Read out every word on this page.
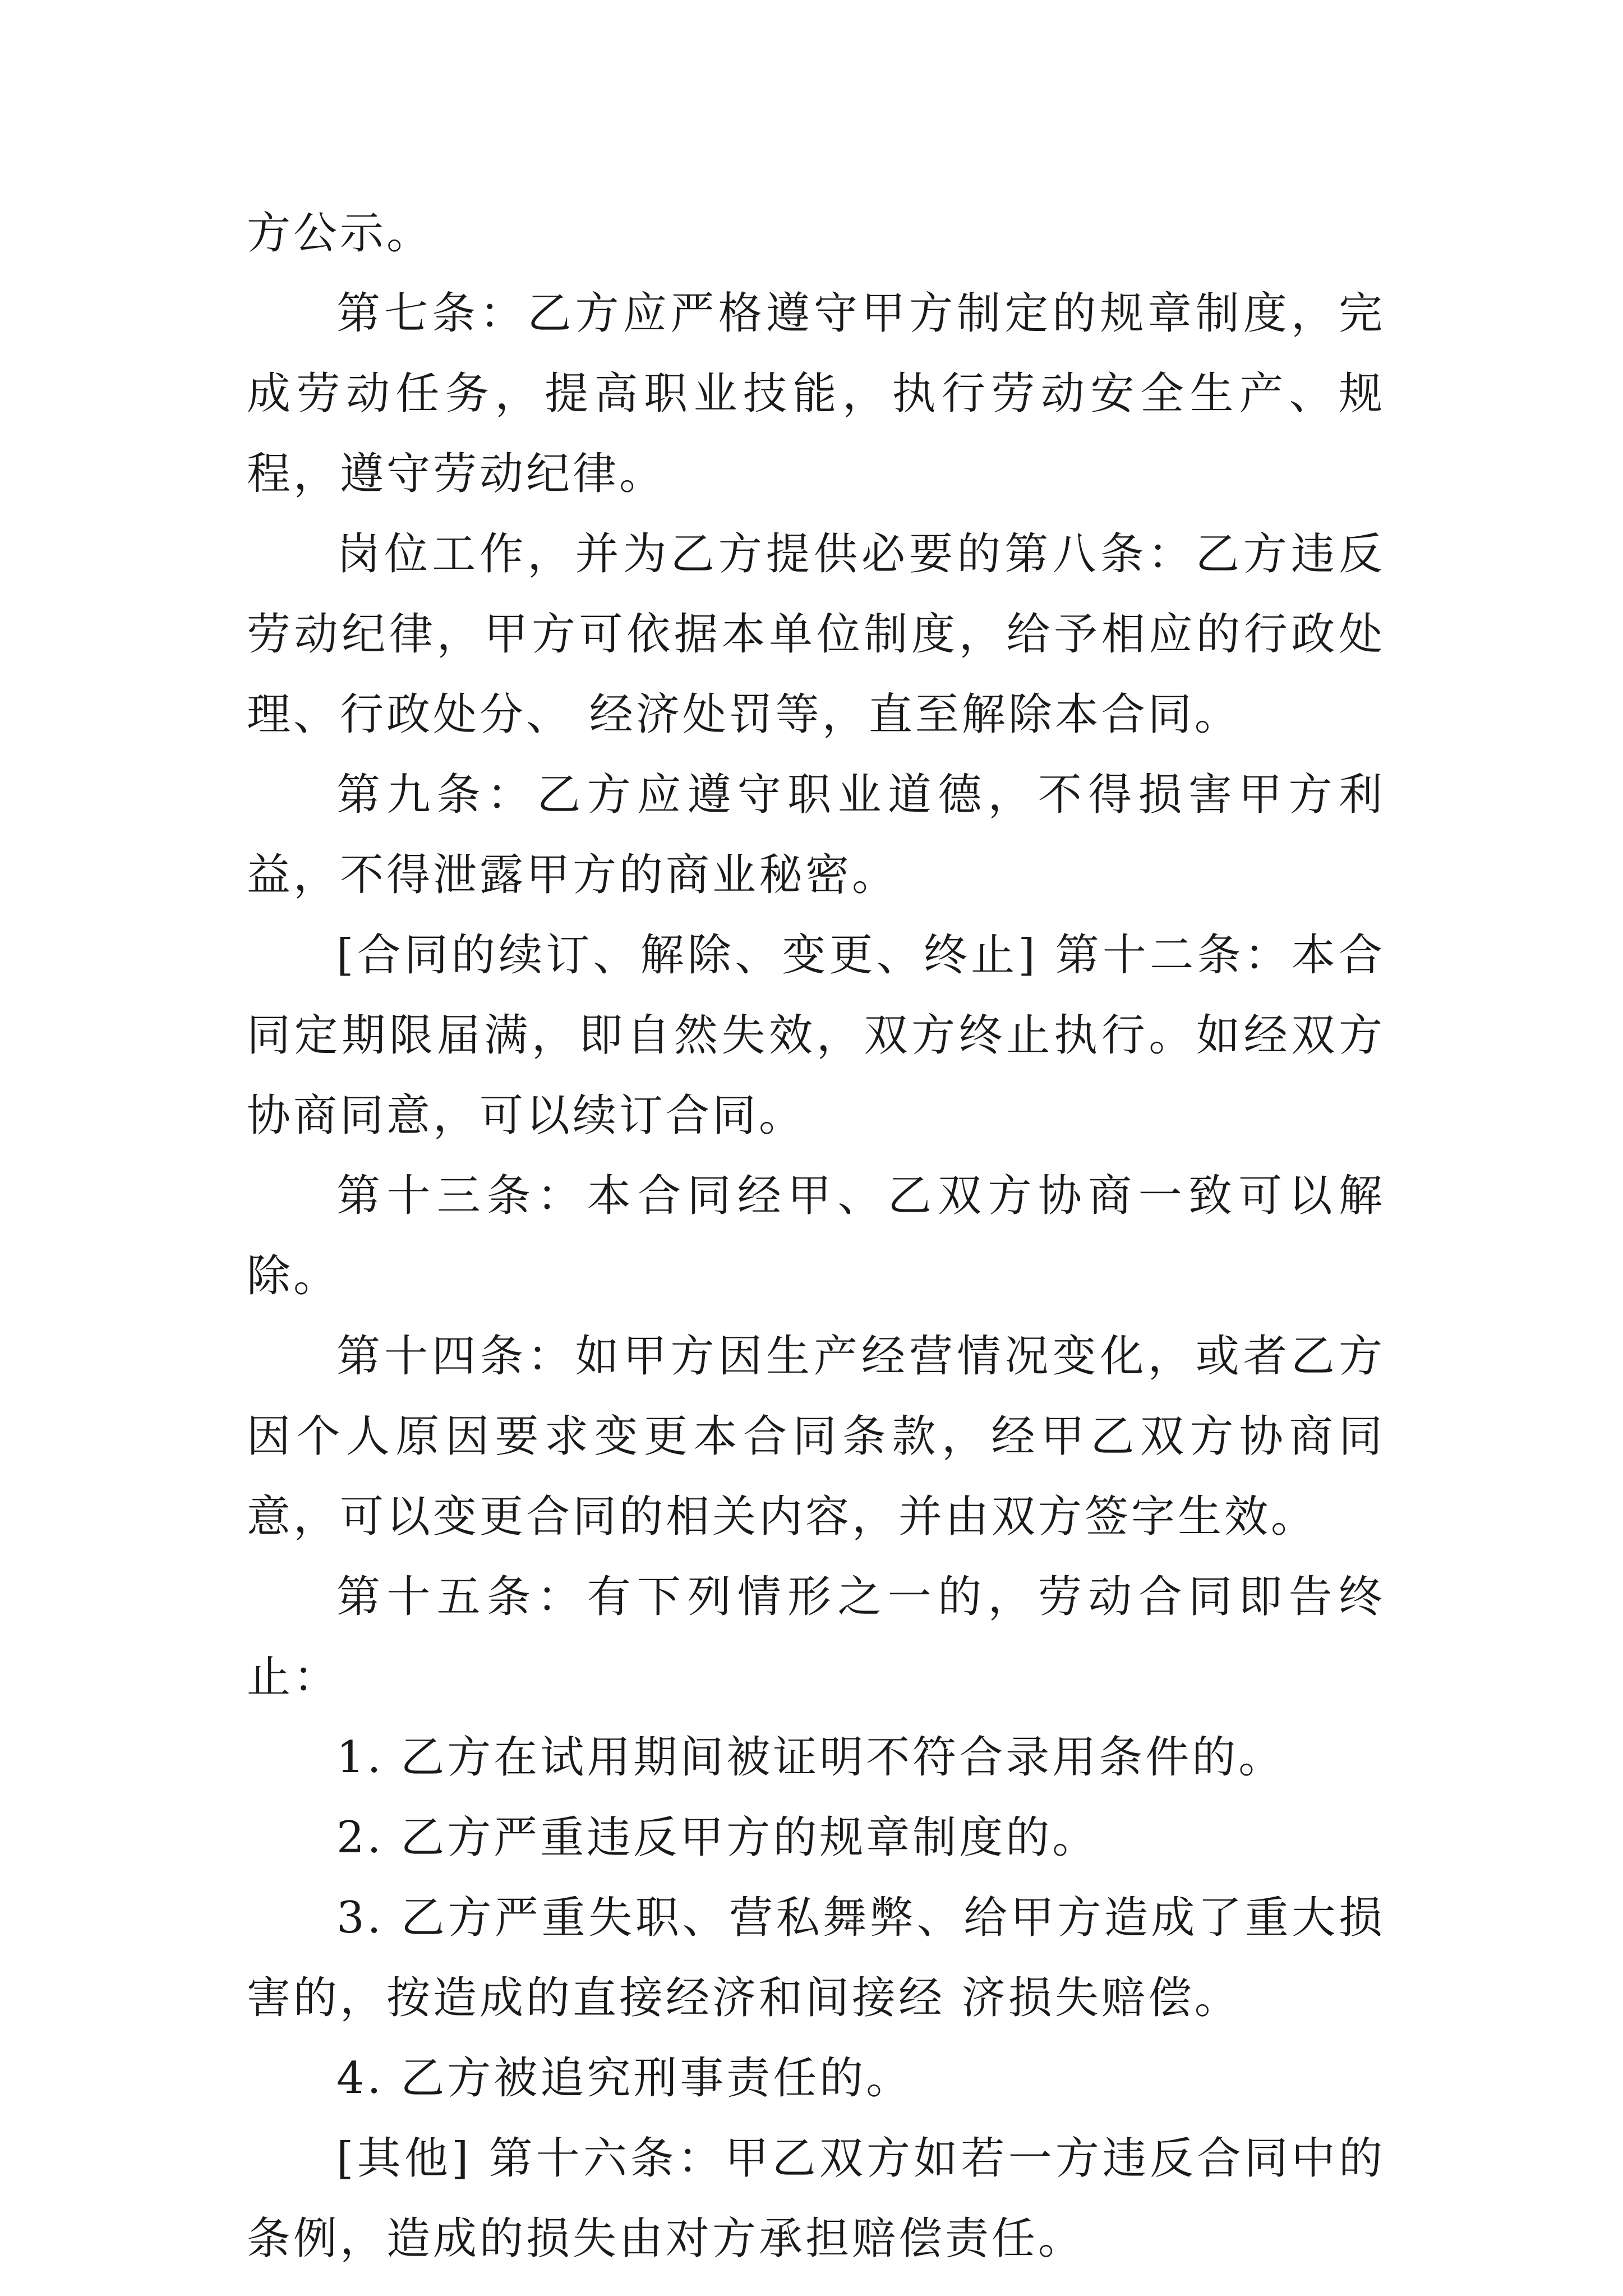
方公示。

第七条：乙方应严格遵守甲方制定的规章制度，完成劳动任务，提高职业技能，执行劳动安全生产、规程，遵守劳动纪律。

岗位工作，并为乙方提供必要的第八条：乙方违反劳动纪律，甲方可依据本单位制度，给予相应的行政处理、行政处分、 经济处罚等，直至解除本合同。

第九条：乙方应遵守职业道德，不得损害甲方利益，不得泄露甲方的商业秘密。

[合同的续订、解除、变更、终止] 第十二条：本合同定期限届满，即自然失效，双方终止执行。如经双方协商同意，可以续订合同。

第十三条：本合同经甲、乙双方协商一致可以解除。

第十四条：如甲方因生产经营情况变化，或者乙方因个人原因要求变更本合同条款，经甲乙双方协商同意，可以变更合同的相关内容，并由双方签字生效。

第十五条：有下列情形之一的，劳动合同即告终止：

1. 乙方在试用期间被证明不符合录用条件的。

2. 乙方严重违反甲方的规章制度的。

3. 乙方严重失职、营私舞弊、给甲方造成了重大损害的，按造成的直接经济和间接经 济损失赔偿。

4. 乙方被追究刑事责任的。

[其他] 第十六条：甲乙双方如若一方违反合同中的条例，造成的损失由对方承担赔偿责任。
